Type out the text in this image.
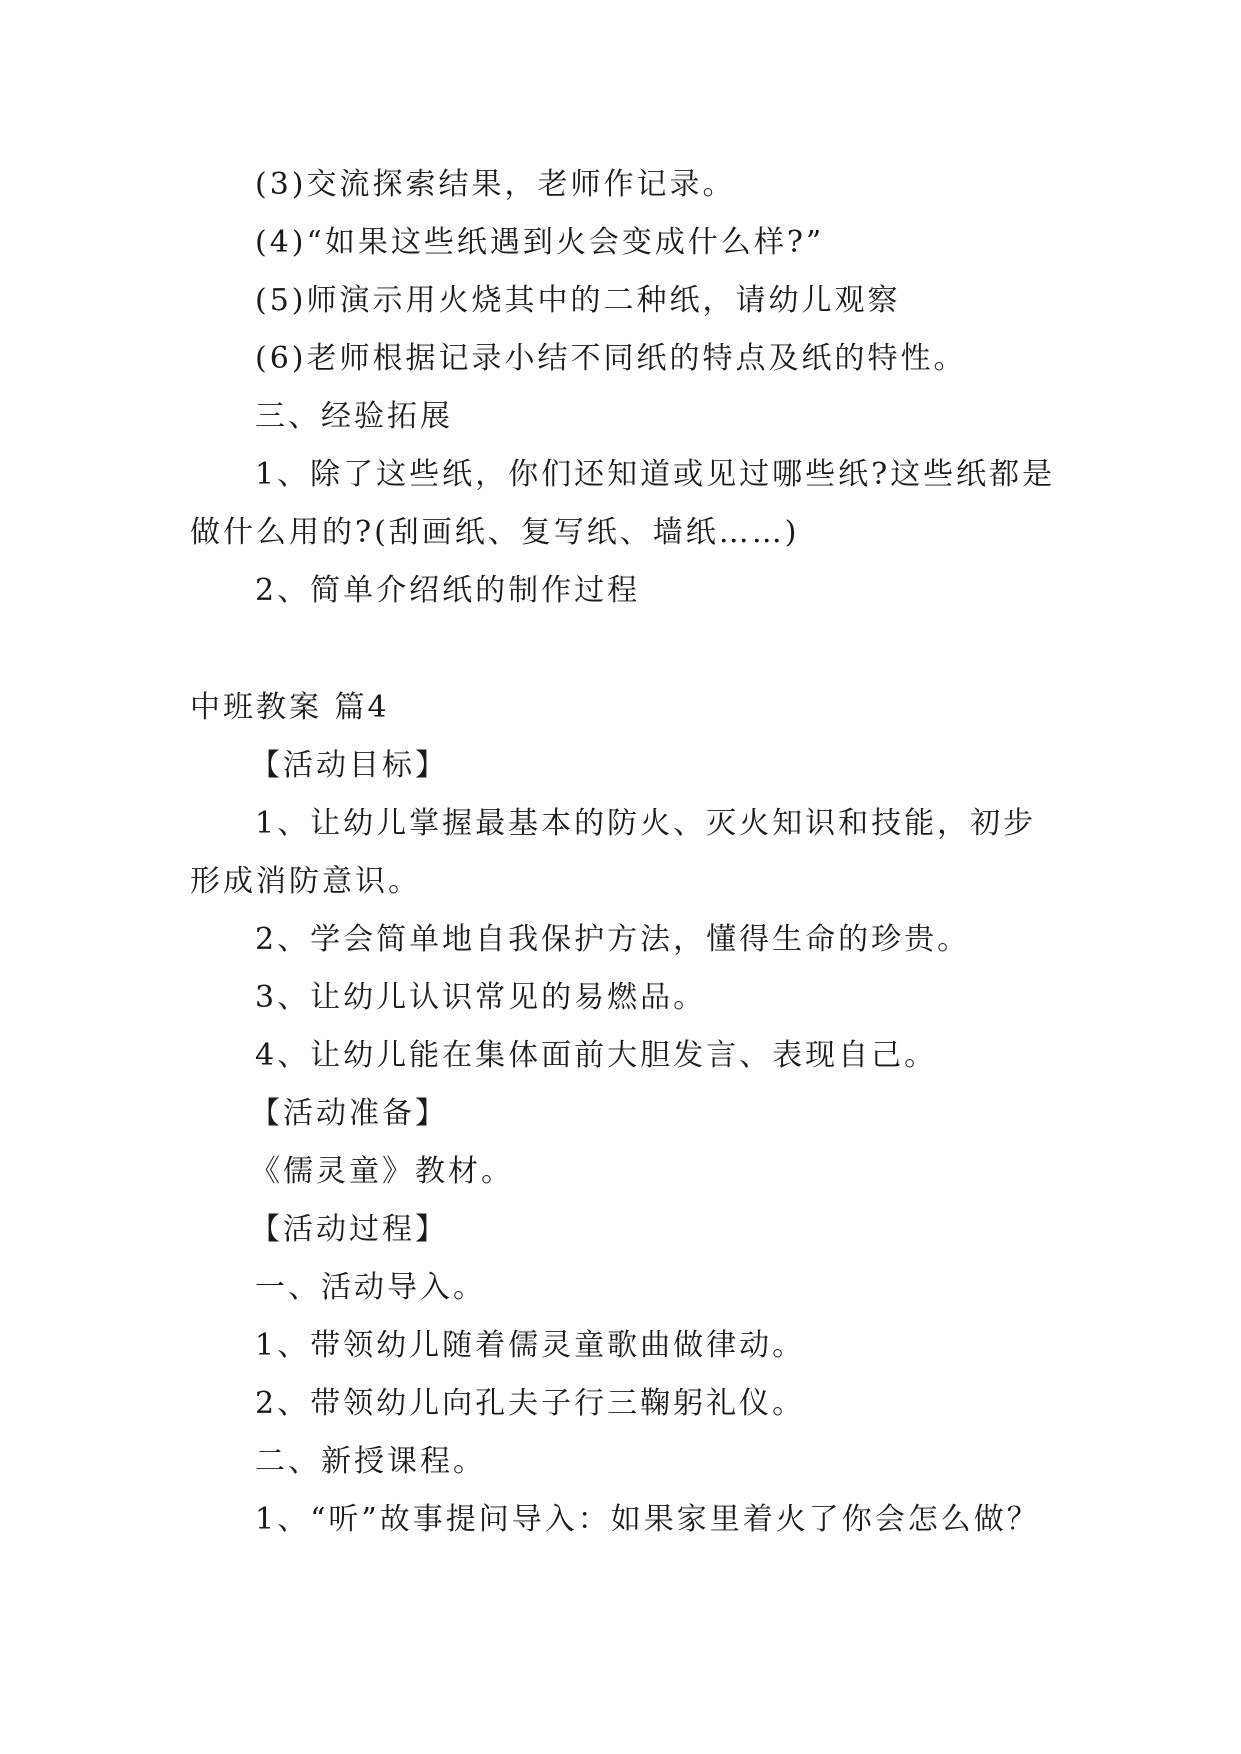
(3)交流探索结果，老师作记录。
(4)“如果这些纸遇到火会变成什么样?”
(5)师演示用火烧其中的二种纸，请幼儿观察
(6)老师根据记录小结不同纸的特点及纸的特性。
三、经验拓展
1、除了这些纸，你们还知道或见过哪些纸?这些纸都是
做什么用的?(刮画纸、复写纸、墙纸……)
2、简单介绍纸的制作过程
中班教案 篇4
【活动目标】
1、让幼儿掌握最基本的防火、灭火知识和技能，初步
形成消防意识。
2、学会简单地自我保护方法，懂得生命的珍贵。
3、让幼儿认识常见的易燃品。
4、让幼儿能在集体面前大胆发言、表现自己。
【活动准备】
《儒灵童》教材。
【活动过程】
一、活动导入。
1、带领幼儿随着儒灵童歌曲做律动。
2、带领幼儿向孔夫子行三鞠躬礼仪。
二、新授课程。
1、“听”故事提问导入：如果家里着火了你会怎么做？
